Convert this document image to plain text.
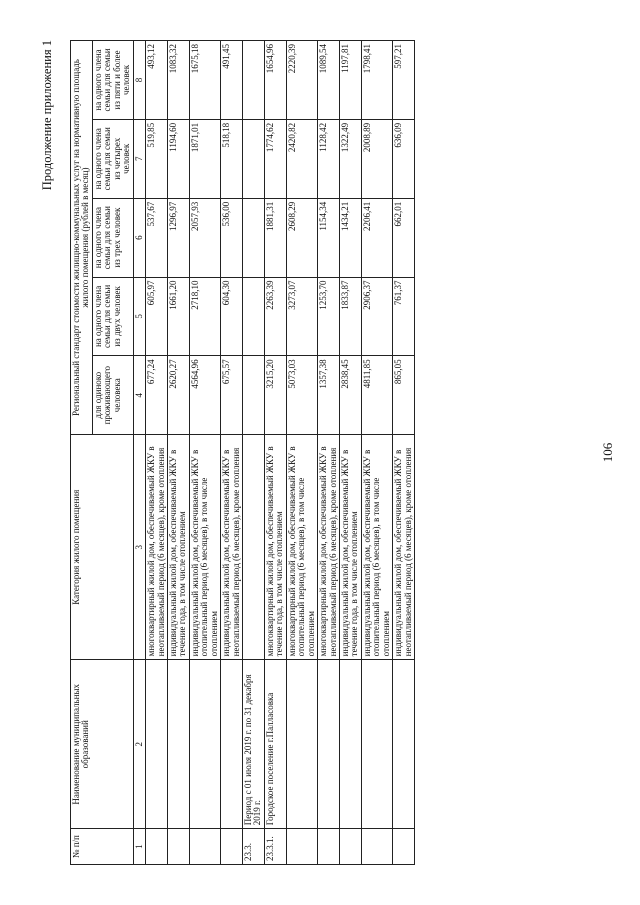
106
Продолжение приложения 1
№ п/п	Наименование муниципальных образований	Категория жилого помещения	Региональный стандарт стоимости жилищно-коммунальных услуг на нормативную площадь жилого помещения (рублей в месяц)				
			для одиноко проживающего человека	на одного члена семьи для семьи из двух человек	на одного члена семьи для семьи из трех человек	на одного члена семьи для семьи из четырех человек	на одного члена семьи для семьи из пяти и более человек
1	2	3	4	5	6	7	8
		многоквартирный жилой дом, обеспечиваемый ЖКУ в неотапливаемый период (6 месяцев), кроме отопления	677,24	605,97	537,67	519,85	493,12
		индивидуальный жилой дом, обеспечиваемый ЖКУ в течение года, в том числе отоплением	2620,27	1661,20	1296,97	1194,60	1083,32
		индивидуальный жилой дом, обеспечиваемый ЖКУ в отопительный период (6 месяцев), в том числе отоплением	4564,96	2718,10	2057,93	1871,01	1675,18
		индивидуальный жилой дом, обеспечиваемый ЖКУ в неотапливаемый период (6 месяцев), кроме отопления	675,57	604,30	536,00	518,18	491,45
23.3.	Период с 01 июля 2019 г. по 31 декабря 2019 г.						
23.3.1.	Городское поселение г.Палласовка	многоквартирный жилой дом, обеспечиваемый ЖКУ в течение года, в том числе отоплением	3215,20	2263,39	1881,31	1774,62	1654,96
		многоквартирный жилой дом, обеспечиваемый ЖКУ в отопительный период (6 месяцев), в том числе отоплением	5073,03	3273,07	2608,29	2420,82	2220,39
		многоквартирный жилой дом, обеспечиваемый ЖКУ в неотапливаемый период (6 месяцев), кроме отопления	1357,38	1253,70	1154,34	1128,42	1089,54
		индивидуальный жилой дом, обеспечиваемый ЖКУ в течение года, в том числе отоплением	2838,45	1833,87	1434,21	1322,49	1197,81
		индивидуальный жилой дом, обеспечиваемый ЖКУ в отопительный период (6 месяцев), в том числе отоплением	4811,85	2906,37	2206,41	2008,89	1798,41
		индивидуальный жилой дом, обеспечиваемый ЖКУ в неотапливаемый период (6 месяцев), кроме отопления	865,05	761,37	662,01	636,09	597,21
